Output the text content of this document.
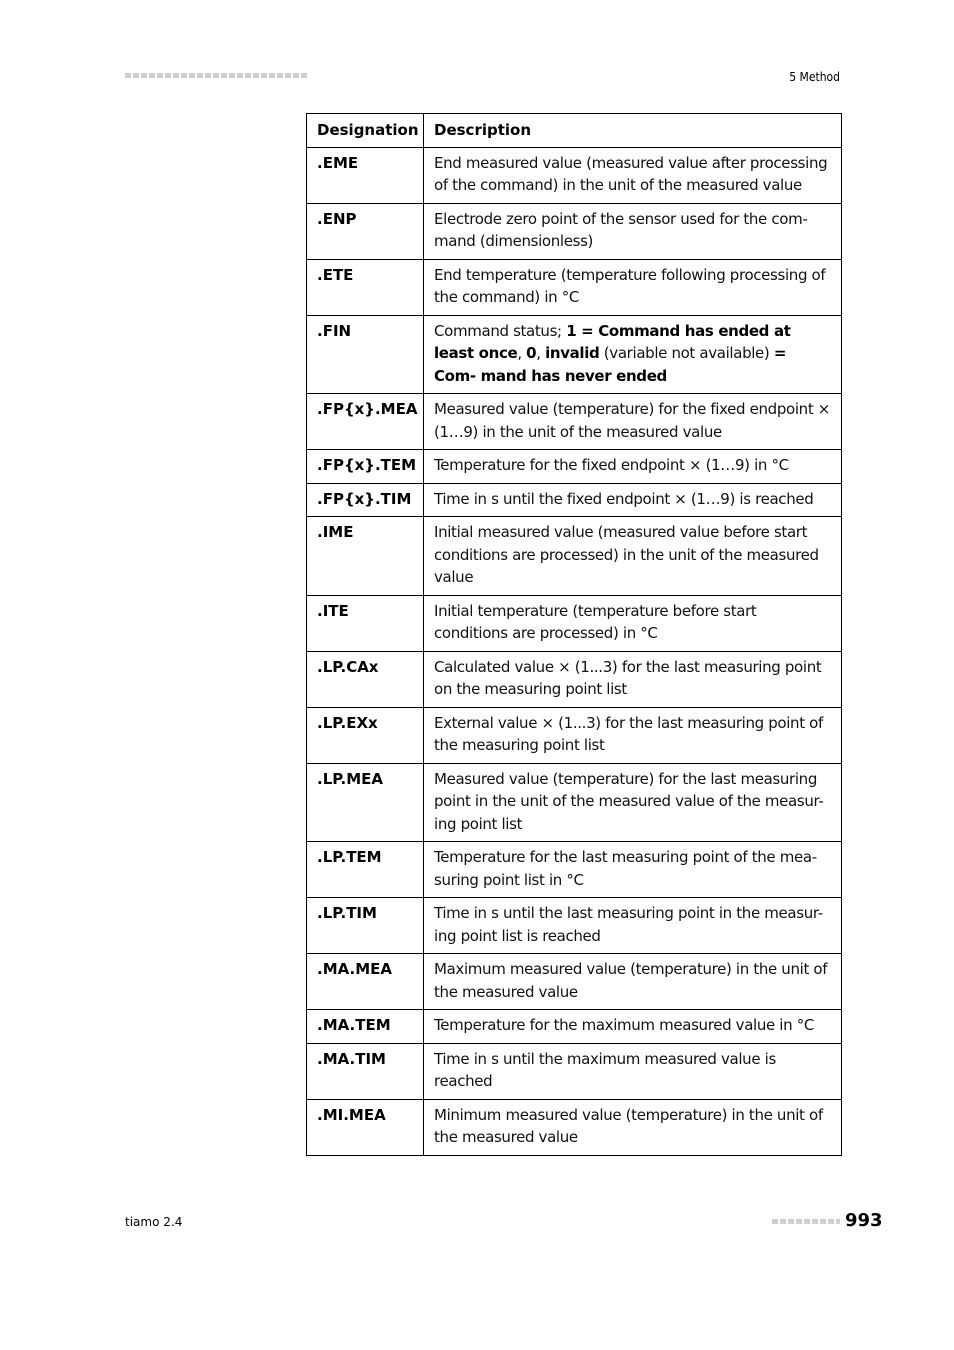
5 Method
Designation	Description
.EME	End measured value (measured value after processing of the command) in the unit of the measured value
.ENP	Electrode zero point of the sensor used for the com- mand (dimensionless)
.ETE	End temperature (temperature following processing of the command) in °C
.FIN	Command status; 1 = Command has ended at least once, 0, invalid (variable not available) = Com- mand has never ended
.FP{x}.MEA	Measured value (temperature) for the fixed endpoint × (1…9) in the unit of the measured value
.FP{x}.TEM	Temperature for the fixed endpoint × (1…9) in °C
.FP{x}.TIM	Time in s until the fixed endpoint × (1…9) is reached
.IME	Initial measured value (measured value before start conditions are processed) in the unit of the measured value
.ITE	Initial temperature (temperature before start conditions are processed) in °C
.LP.CAx	Calculated value × (1...3) for the last measuring point on the measuring point list
.LP.EXx	External value × (1...3) for the last measuring point of the measuring point list
.LP.MEA	Measured value (temperature) for the last measuring point in the unit of the measured value of the measur- ing point list
.LP.TEM	Temperature for the last measuring point of the mea- suring point list in °C
.LP.TIM	Time in s until the last measuring point in the measur- ing point list is reached
.MA.MEA	Maximum measured value (temperature) in the unit of the measured value
.MA.TEM	Temperature for the maximum measured value in °C
.MA.TIM	Time in s until the maximum measured value is reached
.MI.MEA	Minimum measured value (temperature) in the unit of the measured value
tiamo 2.4	993
